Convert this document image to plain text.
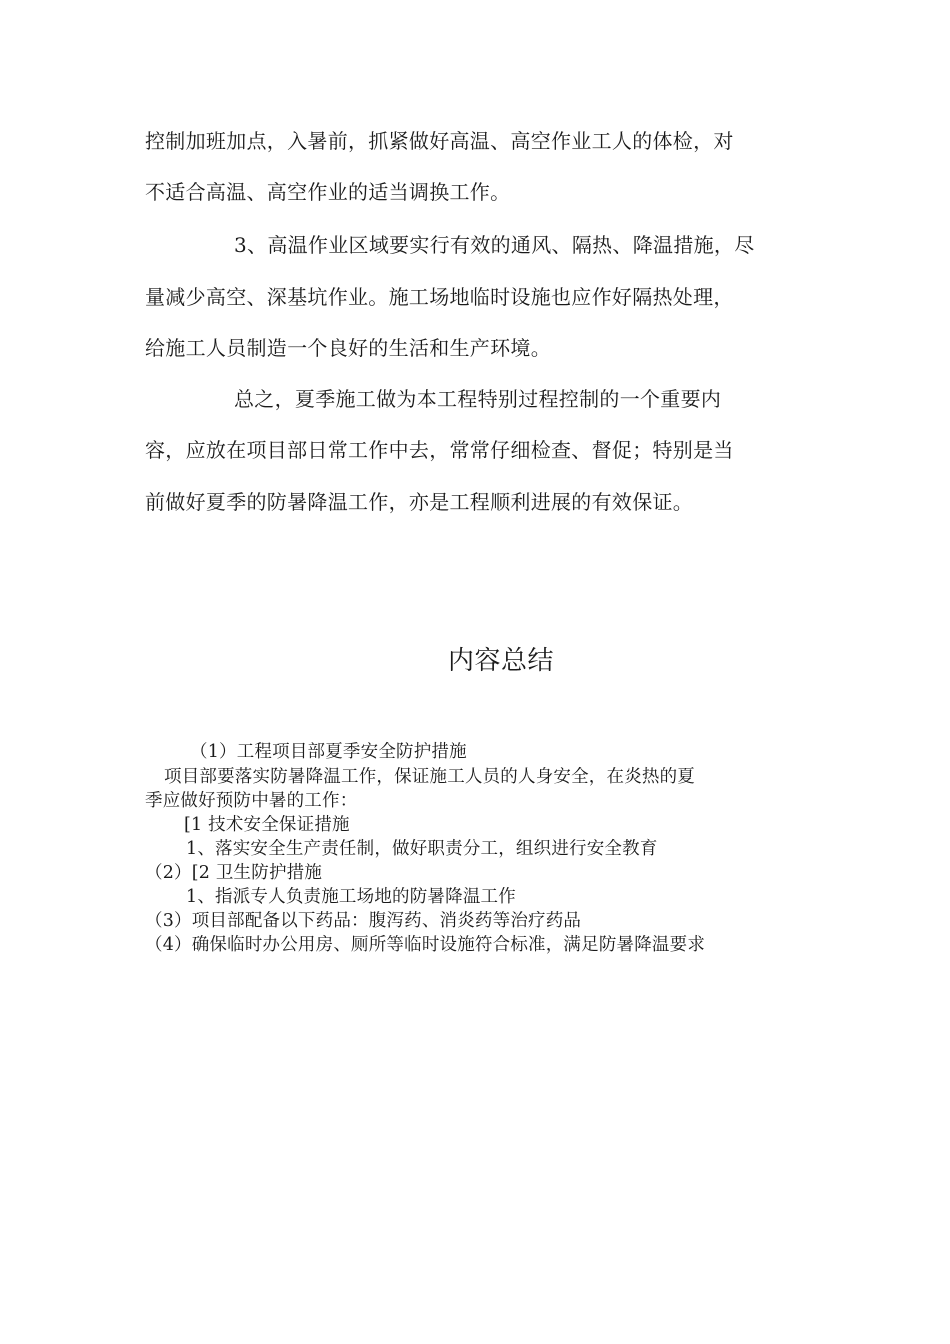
控制加班加点，入暑前，抓紧做好高温、高空作业工人的体检，对
不适合高温、高空作业的适当调换工作。
3、高温作业区域要实行有效的通风、隔热、降温措施，尽
量减少高空、深基坑作业。施工场地临时设施也应作好隔热处理，
给施工人员制造一个良好的生活和生产环境。
总之，夏季施工做为本工程特别过程控制的一个重要内
容，应放在项目部日常工作中去，常常仔细检查、督促；特别是当
前做好夏季的防暑降温工作，亦是工程顺利进展的有效保证。
内容总结
（1）工程项目部夏季安全防护措施
项目部要落实防暑降温工作，保证施工人员的人身安全，在炎热的夏
季应做好预防中暑的工作：
[1 技术安全保证措施
1、落实安全生产责任制，做好职责分工，组织进行安全教育
（2）[2 卫生防护措施
1、指派专人负责施工场地的防暑降温工作
（3）项目部配备以下药品：腹泻药、消炎药等治疗药品
（4）确保临时办公用房、厕所等临时设施符合标准，满足防暑降温要求
